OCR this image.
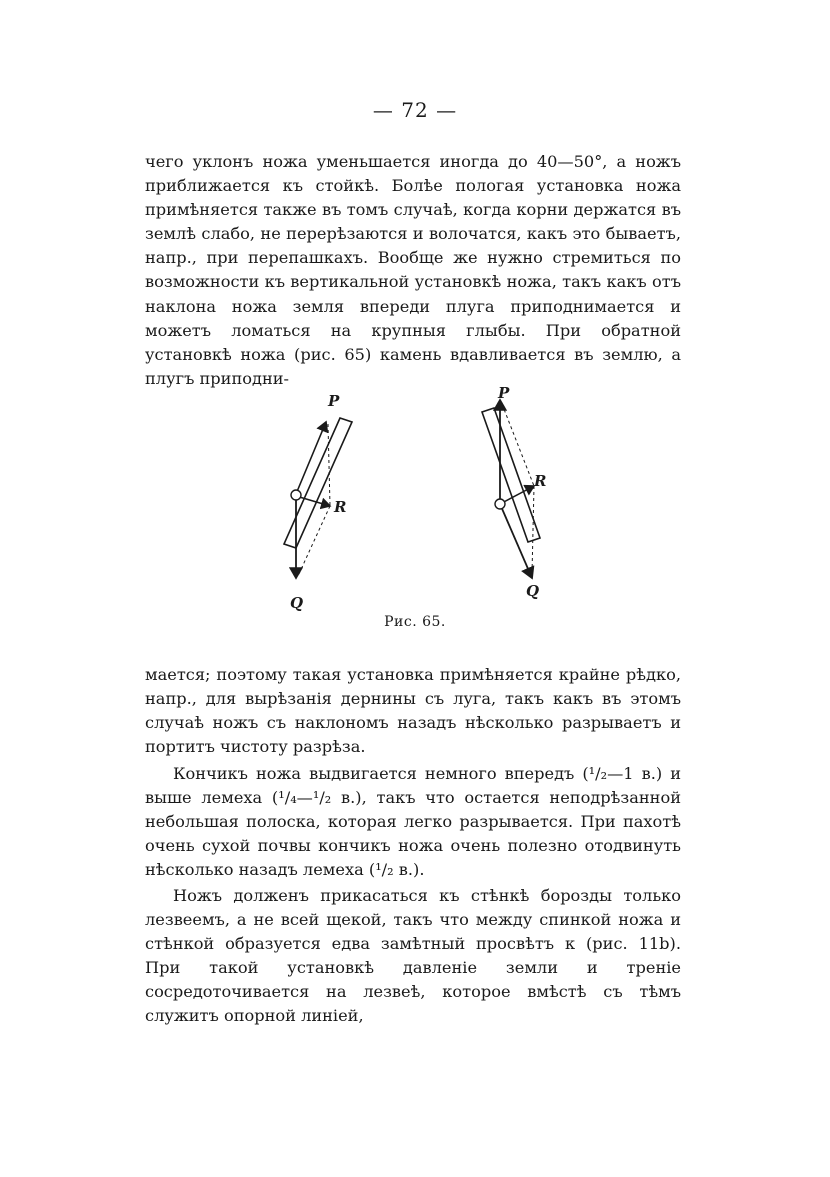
— 72 —

чего уклонъ ножа уменьшается иногда до 40—50°, а ножъ приближается къ стойкѣ. Болѣе пологая установка ножа примѣняется также въ томъ случаѣ, когда корни держатся въ землѣ слабо, не перерѣзаются и волочатся, какъ это бываетъ, напр., при перепашкахъ. Вообще же нужно стремиться по возможности къ вертикальной установкѣ ножа, такъ какъ отъ наклона ножа земля впереди плуга приподнимается и можетъ ломаться на крупныя глыбы. При обратной установкѣ ножа (рис. 65) камень вдавливается въ землю, а плугъ приподни-

P
R
Q
P
R
Q
Рис. 65.

мается; поэтому такая установка примѣняется крайне рѣдко, напр., для вырѣзанія дернины съ луга, такъ какъ въ этомъ случаѣ ножъ съ наклономъ назадъ нѣсколько разрываетъ и портитъ чистоту разрѣза.

Кончикъ ножа выдвигается немного впередъ (¹/₂—1 в.) и выше лемеха (¹/₄—¹/₂ в.), такъ что остается неподрѣзанной небольшая полоска, которая легко разрывается. При пахотѣ очень сухой почвы кончикъ ножа очень полезно отодвинуть нѣсколько назадъ лемеха (¹/₂ в.).

Ножъ долженъ прикасаться къ стѣнкѣ борозды только лезвеемъ, а не всей щекой, такъ что между спинкой ножа и стѣнкой образуется едва замѣтный просвѣтъ к (рис. 11b). При такой установкѣ давленіе земли и треніе сосредоточивается на лезвеѣ, которое вмѣстѣ съ тѣмъ служитъ опорной линіей,
